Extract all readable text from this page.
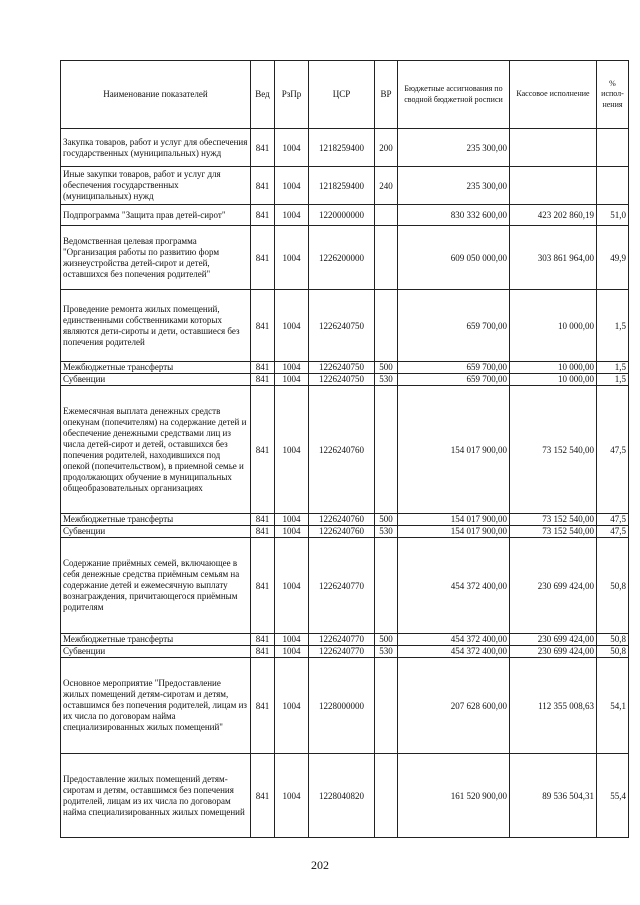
Наименование показателей	Вед	РзПр	ЦСР	ВР	Бюджетные ассигнования по сводной бюджетной росписи	Кассовое исполнение	% испол-нения
Закупка товаров, работ и услуг для обеспечения государственных (муниципальных) нужд	841	1004	1218259400	200	235 300,00		
Иные закупки товаров, работ и услуг для обеспечения государственных (муниципальных) нужд	841	1004	1218259400	240	235 300,00		
Подпрограмма "Защита прав детей-сирот"	841	1004	1220000000		830 332 600,00	423 202 860,19	51,0
Ведомственная целевая программа "Организация работы по развитию форм жизнеустройства детей-сирот и детей, оставшихся без попечения родителей"	841	1004	1226200000		609 050 000,00	303 861 964,00	49,9
Проведение ремонта жилых помещений, единственными собственниками которых являются дети-сироты и дети, оставшиеся без попечения родителей	841	1004	1226240750		659 700,00	10 000,00	1,5
Межбюджетные трансферты	841	1004	1226240750	500	659 700,00	10 000,00	1,5
Субвенции	841	1004	1226240750	530	659 700,00	10 000,00	1,5
Ежемесячная выплата денежных средств опекунам (попечителям) на содержание детей и обеспечение денежными средствами лиц из числа детей-сирот и детей, оставшихся без попечения родителей, находившихся под опекой (попечительством), в приемной семье и продолжающих обучение в муниципальных общеобразовательных организациях	841	1004	1226240760		154 017 900,00	73 152 540,00	47,5
Межбюджетные трансферты	841	1004	1226240760	500	154 017 900,00	73 152 540,00	47,5
Субвенции	841	1004	1226240760	530	154 017 900,00	73 152 540,00	47,5
Содержание приёмных семей, включающее в себя денежные средства приёмным семьям на содержание детей и ежемесячную выплату вознаграждения, причитающегося приёмным родителям	841	1004	1226240770		454 372 400,00	230 699 424,00	50,8
Межбюджетные трансферты	841	1004	1226240770	500	454 372 400,00	230 699 424,00	50,8
Субвенции	841	1004	1226240770	530	454 372 400,00	230 699 424,00	50,8
Основное мероприятие "Предоставление жилых помещений детям-сиротам и детям, оставшимся без попечения родителей, лицам из их числа по договорам найма специализированных жилых помещений"	841	1004	1228000000		207 628 600,00	112 355 008,63	54,1
Предоставление жилых помещений детям-сиротам и детям, оставшимся без попечения родителей, лицам из их числа по договорам найма специализированных жилых помещений	841	1004	1228040820		161 520 900,00	89 536 504,31	55,4
202
